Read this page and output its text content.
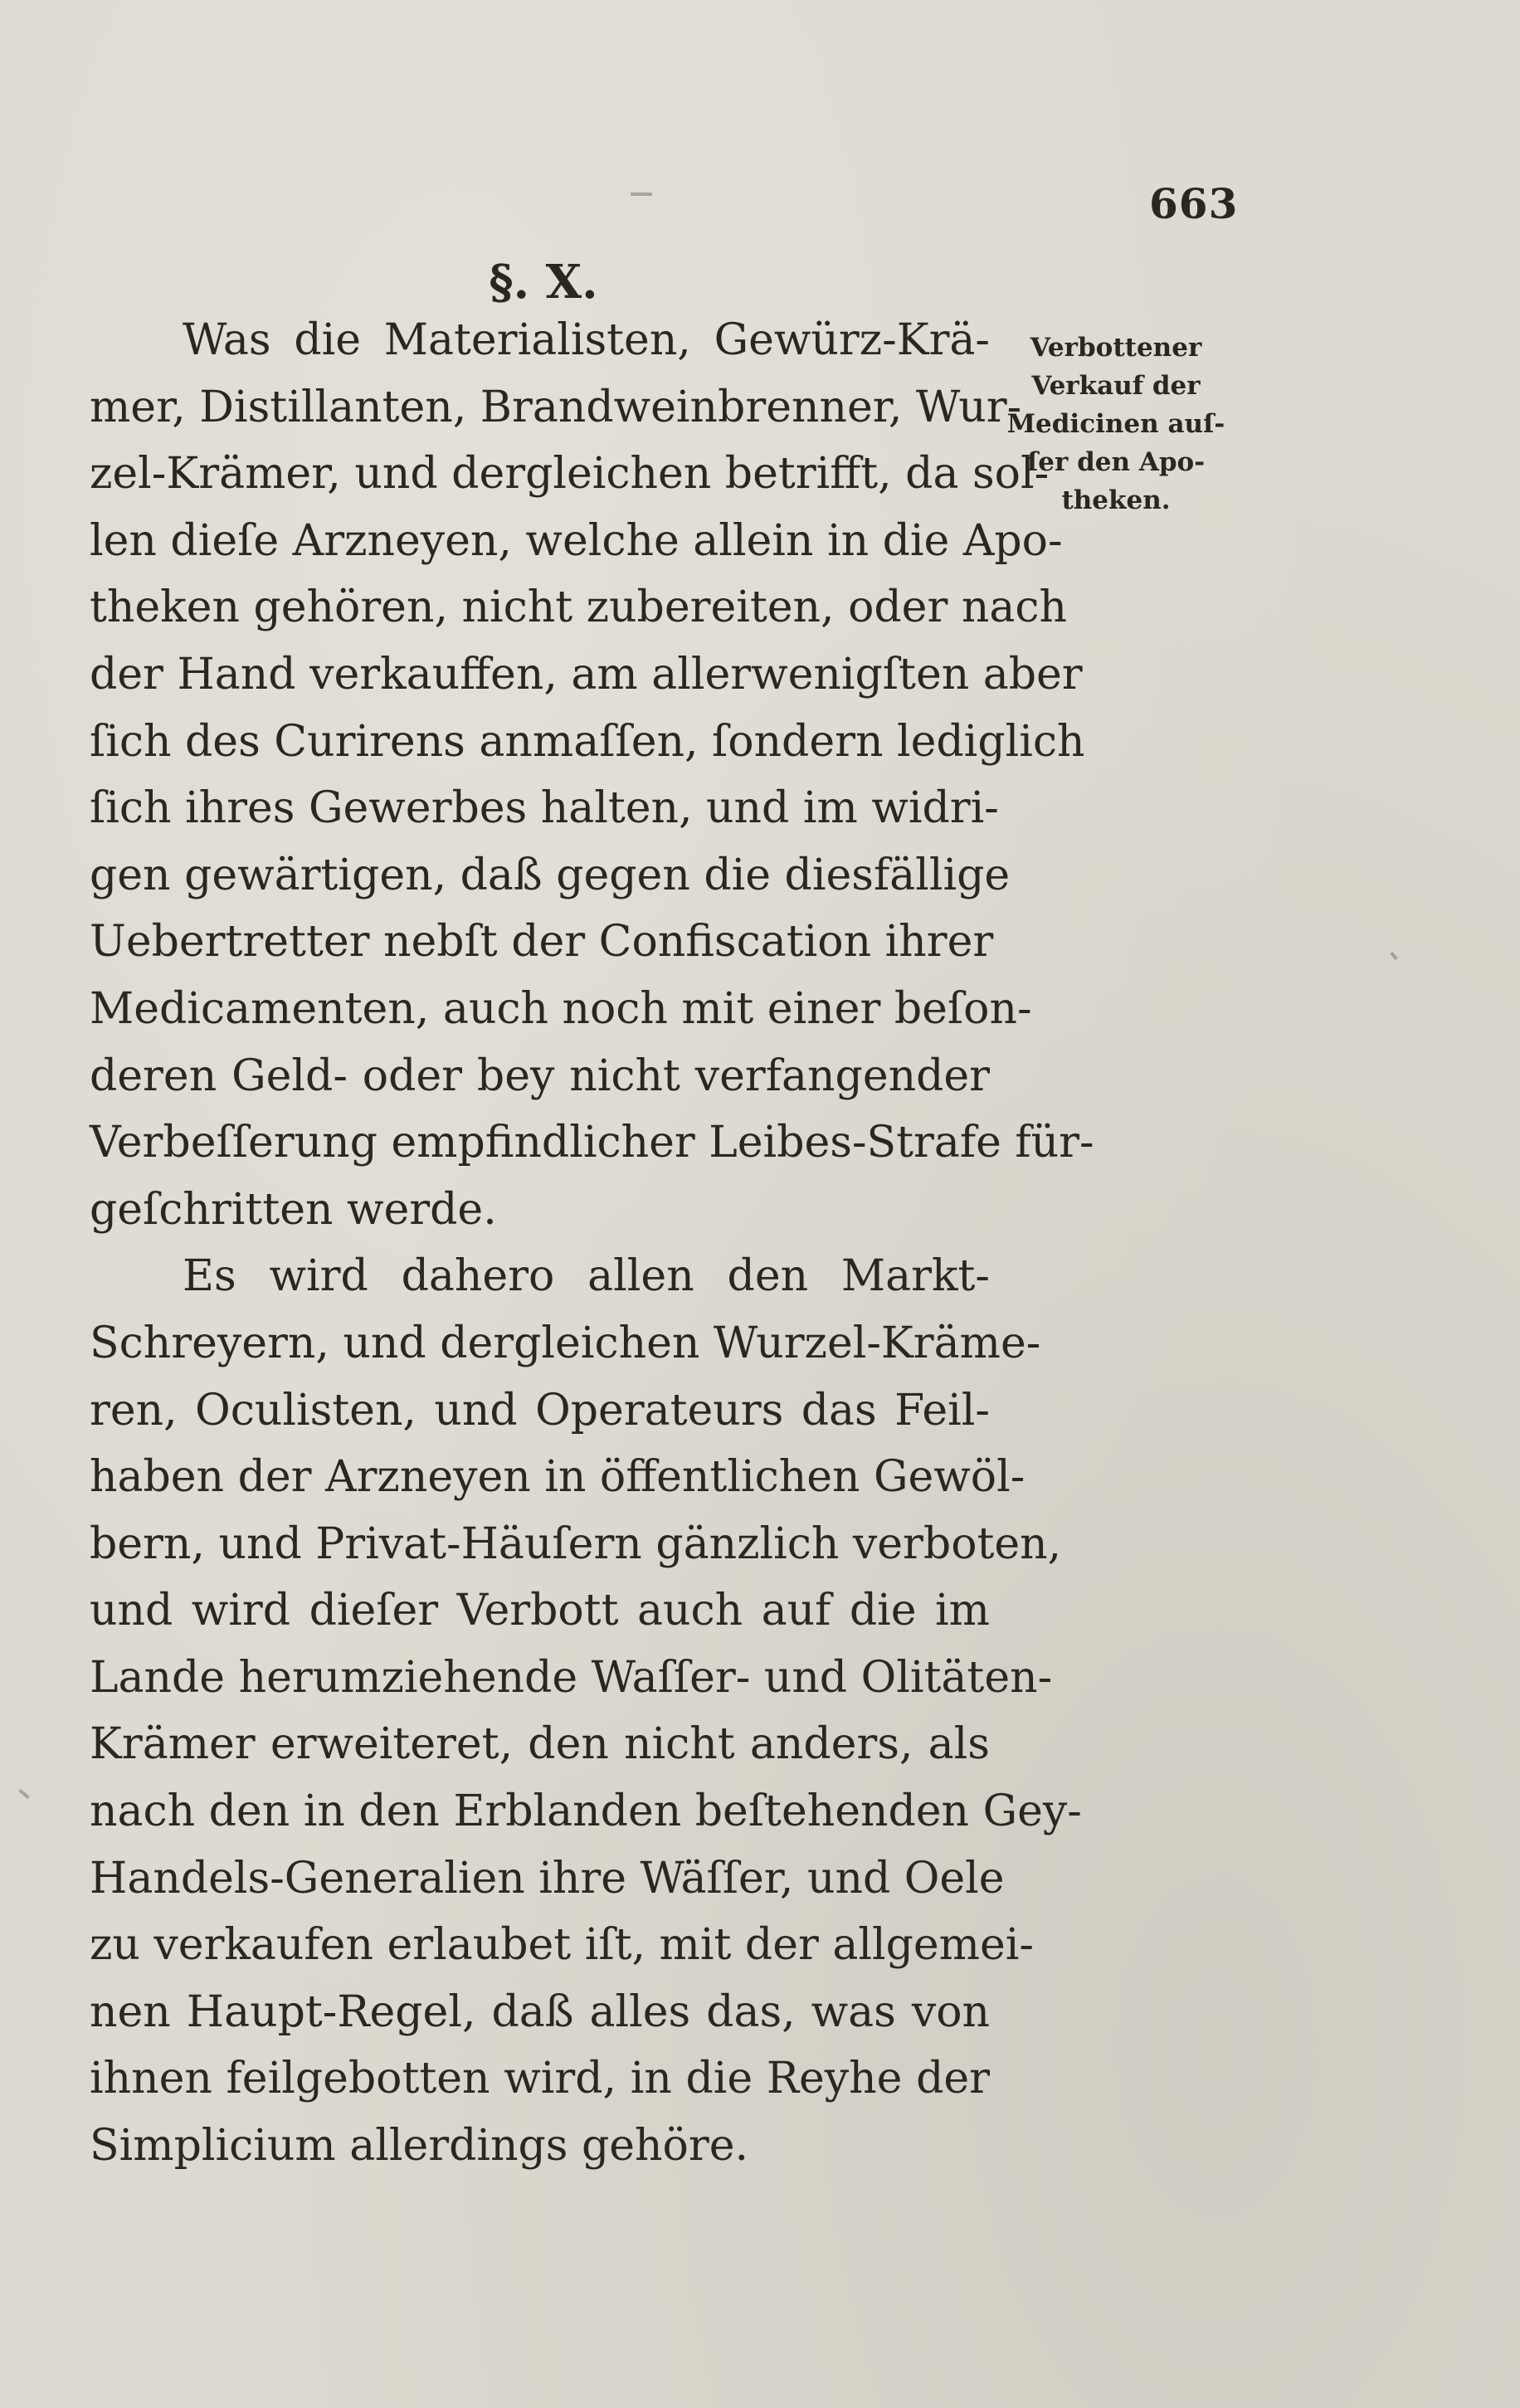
663
§. X.
Verbottener
Verkauf der
Medicinen auſ-
ſer den Apo-
theken.
Was die Materialisten, Gewürz-Krä-
mer, Distillanten, Brandweinbrenner, Wur-
zel-Krämer, und dergleichen betrifft, da sol-
len dieſe Arzneyen, welche allein in die Apo-
theken gehören, nicht zubereiten, oder nach
der Hand verkauffen, am allerwenigſten aber
ſich des Curirens anmaſſen, ſondern lediglich
ſich ihres Gewerbes halten, und im widri-
gen gewärtigen, daß gegen die diesfällige
Uebertretter nebſt der Confiscation ihrer
Medicamenten, auch noch mit einer beſon-
deren Geld- oder bey nicht verfangender
Verbeſſerung empfindlicher Leibes-Strafe für-
geſchritten werde.
Es wird dahero allen den Markt-
Schreyern, und dergleichen Wurzel-Kräme-
ren, Oculisten, und Operateurs das Feil-
haben der Arzneyen in öffentlichen Gewöl-
bern, und Privat-Häuſern gänzlich verboten,
und wird dieſer Verbott auch auf die im
Lande herumziehende Waſſer- und Olitäten-
Krämer erweiteret, den nicht anders, als
nach den in den Erblanden beſtehenden Gey-
Handels-Generalien ihre Wäſſer, und Oele
zu verkaufen erlaubet iſt, mit der allgemei-
nen Haupt-Regel, daß alles das, was von
ihnen feilgebotten wird, in die Reyhe der
Simplicium allerdings gehöre.
